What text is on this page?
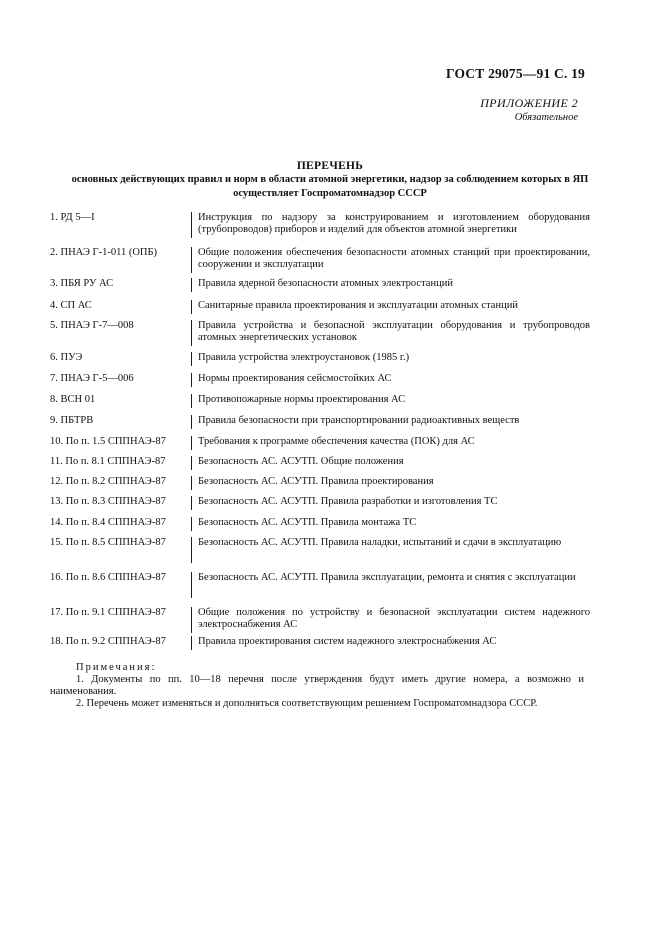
ГОСТ 29075—91 С. 19
ПРИЛОЖЕНИЕ 2
Обязательное
ПЕРЕЧЕНЬ
основных действующих правил и норм в области атомной энергетики, надзор за соблюдением которых в ЯП
осуществляет Госпроматомнадзор СССР
1. РД 5—I	Инструкция по надзору за конструированием и изготовлением оборудования (трубопроводов) приборов и изделий для объектов атомной энергетики
2. ПНАЭ Г-1-011 (ОПБ)	Общие положения обеспечения безопасности атомных станций при проектировании, сооружении и эксплуатации
3. ПБЯ РУ АС	Правила ядерной безопасности атомных электростанций
4. СП АС	Санитарные правила проектирования и эксплуатации атомных станций
5. ПНАЭ Г-7—008	Правила устройства и безопасной эксплуатации оборудования и трубопроводов атомных энергетических установок
6. ПУЭ	Правила устройства электроустановок (1985 г.)
7. ПНАЭ Г-5—006	Нормы проектирования сейсмостойких АС
8. ВСН 01	Противопожарные нормы проектирования АС
9. ПБТРВ	Правила безопасности при транспортировании радиоактивных веществ
10. По п. 1.5 СППНАЭ-87	Требования к программе обеспечения качества (ПОК) для АС
11. По п. 8.1 СППНАЭ-87	Безопасность АС. АСУТП. Общие положения
12. По п. 8.2 СППНАЭ-87	Безопасность АС. АСУТП. Правила проектирования
13. По п. 8.3 СППНАЭ-87	Безопасность АС. АСУТП. Правила разработки и изготовления ТС
14. По п. 8.4 СППНАЭ-87	Безопасность АС. АСУТП. Правила монтажа ТС
15. По п. 8.5 СППНАЭ-87	Безопасность АС. АСУТП. Правила наладки, испытаний и сдачи в эксплуатацию
16. По п. 8.6 СППНАЭ-87	Безопасность АС. АСУТП. Правила эксплуатации, ремонта и снятия с эксплуатации
17. По п. 9.1 СППНАЭ-87	Общие положения по устройству и безопасной эксплуатации систем надежного электроснабжения АС
18. По п. 9.2 СППНАЭ-87	Правила проектирования систем надежного электроснабжения АС
Примечания:
1. Документы по пп. 10—18 перечня после утверждения будут иметь другие номера, а возможно и наименования.
2. Перечень может изменяться и дополняться соответствующим решением Госпроматомнадзора СССР.
